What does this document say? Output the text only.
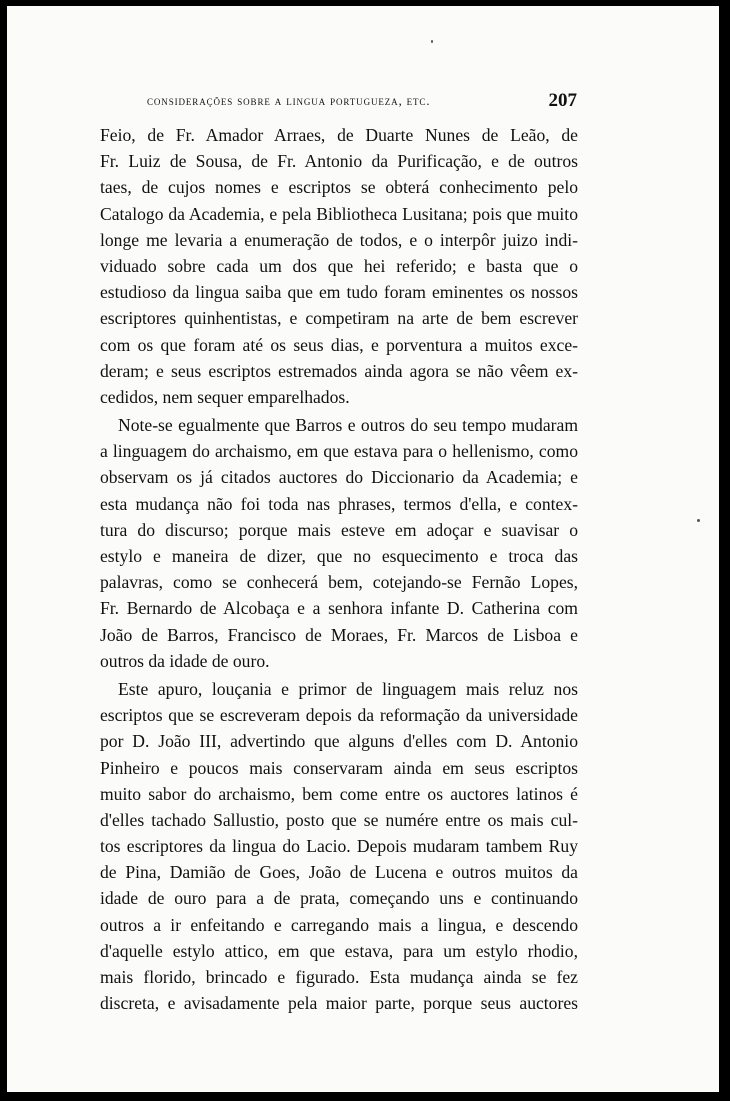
considerações sobre a lingua portugueza, etc.	207
Feio, de Fr. Amador Arraes, de Duarte Nunes de Leão, de
Fr. Luiz de Sousa, de Fr. Antonio da Purificação, e de outros
taes, de cujos nomes e escriptos se obterá conhecimento pelo
Catalogo da Academia, e pela Bibliotheca Lusitana; pois que muito
longe me levaria a enumeração de todos, e o interpôr juizo indi-
viduado sobre cada um dos que hei referido; e basta que o
estudioso da lingua saiba que em tudo foram eminentes os nossos
escriptores quinhentistas, e competiram na arte de bem escrever
com os que foram até os seus dias, e porventura a muitos exce-
deram; e seus escriptos estremados ainda agora se não vêem ex-
cedidos, nem sequer emparelhados.
Note-se egualmente que Barros e outros do seu tempo mudaram
a linguagem do archaismo, em que estava para o hellenismo, como
observam os já citados auctores do Diccionario da Academia; e
esta mudança não foi toda nas phrases, termos d'ella, e contex-
tura do discurso; porque mais esteve em adoçar e suavisar o
estylo e maneira de dizer, que no esquecimento e troca das
palavras, como se conhecerá bem, cotejando-se Fernão Lopes,
Fr. Bernardo de Alcobaça e a senhora infante D. Catherina com
João de Barros, Francisco de Moraes, Fr. Marcos de Lisboa e
outros da idade de ouro.
Este apuro, louçania e primor de linguagem mais reluz nos
escriptos que se escreveram depois da reformação da universidade
por D. João III, advertindo que alguns d'elles com D. Antonio
Pinheiro e poucos mais conservaram ainda em seus escriptos
muito sabor do archaismo, bem come entre os auctores latinos é
d'elles tachado Sallustio, posto que se numére entre os mais cul-
tos escriptores da lingua do Lacio. Depois mudaram tambem Ruy
de Pina, Damião de Goes, João de Lucena e outros muitos da
idade de ouro para a de prata, começando uns e continuando
outros a ir enfeitando e carregando mais a lingua, e descendo
d'aquelle estylo attico, em que estava, para um estylo rhodio,
mais florido, brincado e figurado. Esta mudança ainda se fez
discreta, e avisadamente pela maior parte, porque seus auctores
